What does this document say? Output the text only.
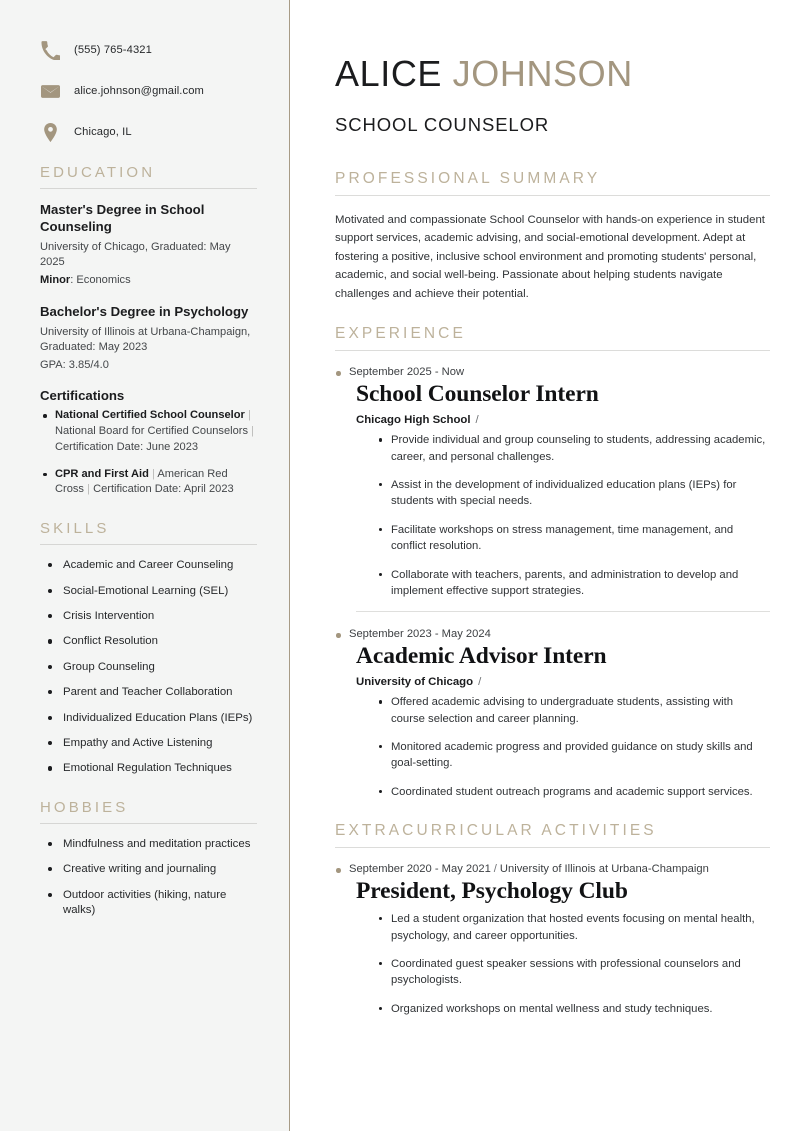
(555) 765-4321
alice.johnson@gmail.com
Chicago, IL
EDUCATION
Master's Degree in School Counseling
University of Chicago, Graduated: May 2025
Minor: Economics
Bachelor's Degree in Psychology
University of Illinois at Urbana-Champaign, Graduated: May 2023
GPA: 3.85/4.0
Certifications
National Certified School Counselor | National Board for Certified Counselors | Certification Date: June 2023
CPR and First Aid | American Red Cross | Certification Date: April 2023
SKILLS
Academic and Career Counseling
Social-Emotional Learning (SEL)
Crisis Intervention
Conflict Resolution
Group Counseling
Parent and Teacher Collaboration
Individualized Education Plans (IEPs)
Empathy and Active Listening
Emotional Regulation Techniques
HOBBIES
Mindfulness and meditation practices
Creative writing and journaling
Outdoor activities (hiking, nature walks)
ALICE JOHNSON
SCHOOL COUNSELOR
PROFESSIONAL SUMMARY

Motivated and compassionate School Counselor with hands-on experience in student support services, academic advising, and social-emotional development. Adept at fostering a positive, inclusive school environment and promoting students' personal, academic, and social well-being. Passionate about helping students navigate challenges and achieve their potential.

EXPERIENCE
September 2025 - Now
School Counselor Intern
Chicago High School /
Provide individual and group counseling to students, addressing academic, career, and personal challenges.
Assist in the development of individualized education plans (IEPs) for students with special needs.
Facilitate workshops on stress management, time management, and conflict resolution.
Collaborate with teachers, parents, and administration to develop and implement effective support strategies.
September 2023 - May 2024
Academic Advisor Intern
University of Chicago /
Offered academic advising to undergraduate students, assisting with course selection and career planning.
Monitored academic progress and provided guidance on study skills and goal-setting.
Coordinated student outreach programs and academic support services.
EXTRACURRICULAR ACTIVITIES
September 2020 - May 2021 / University of Illinois at Urbana-Champaign
President, Psychology Club
Led a student organization that hosted events focusing on mental health, psychology, and career opportunities.
Coordinated guest speaker sessions with professional counselors and psychologists.
Organized workshops on mental wellness and study techniques.
